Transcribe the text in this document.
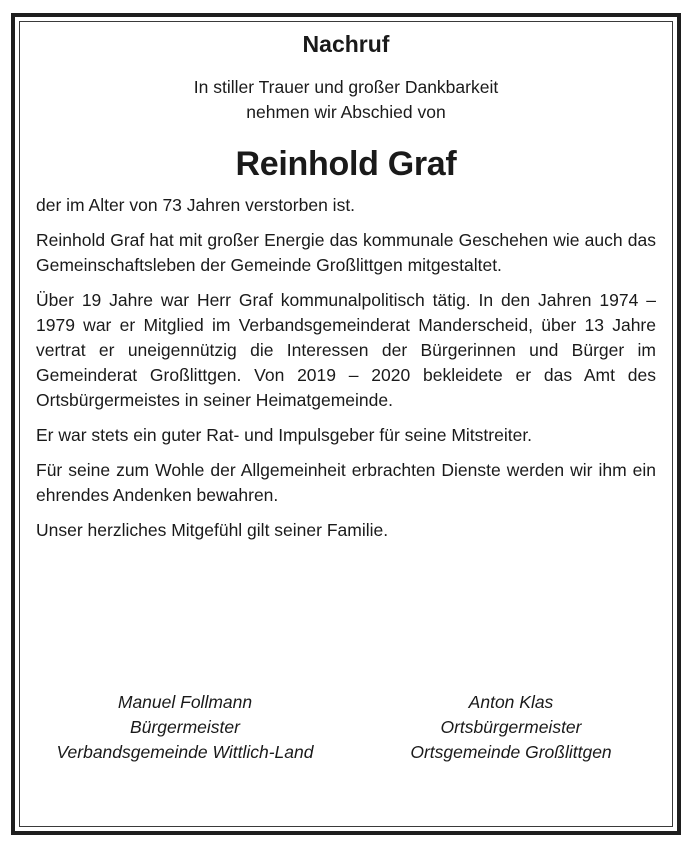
Nachruf
In stiller Trauer und großer Dankbarkeit
nehmen wir Abschied von
Reinhold Graf

der im Alter von 73 Jahren verstorben ist.

Reinhold Graf hat mit großer Energie das kommunale Geschehen wie auch das Gemeinschaftsleben der Gemeinde Großlittgen mitgestaltet.

Über 19 Jahre war Herr Graf kommunalpolitisch tätig. In den Jahren 1974 – 1979 war er Mitglied im Verbandsgemeinderat Manderscheid, über 13 Jahre vertrat er uneigennützig die Interessen der Bürgerinnen und Bürger im Gemeinderat Großlittgen. Von 2019 – 2020 bekleidete er das Amt des Ortsbürgermeistes in seiner Heimatgemeinde.

Er war stets ein guter Rat- und Impulsgeber für seine Mitstreiter.

Für seine zum Wohle der Allgemeinheit erbrachten Dienste werden wir ihm ein ehrendes Andenken bewahren.

Unser herzliches Mitgefühl gilt seiner Familie.

Manuel Follmann
Bürgermeister
Verbandsgemeinde Wittlich-Land
Anton Klas
Ortsbürgermeister
Ortsgemeinde Großlittgen
